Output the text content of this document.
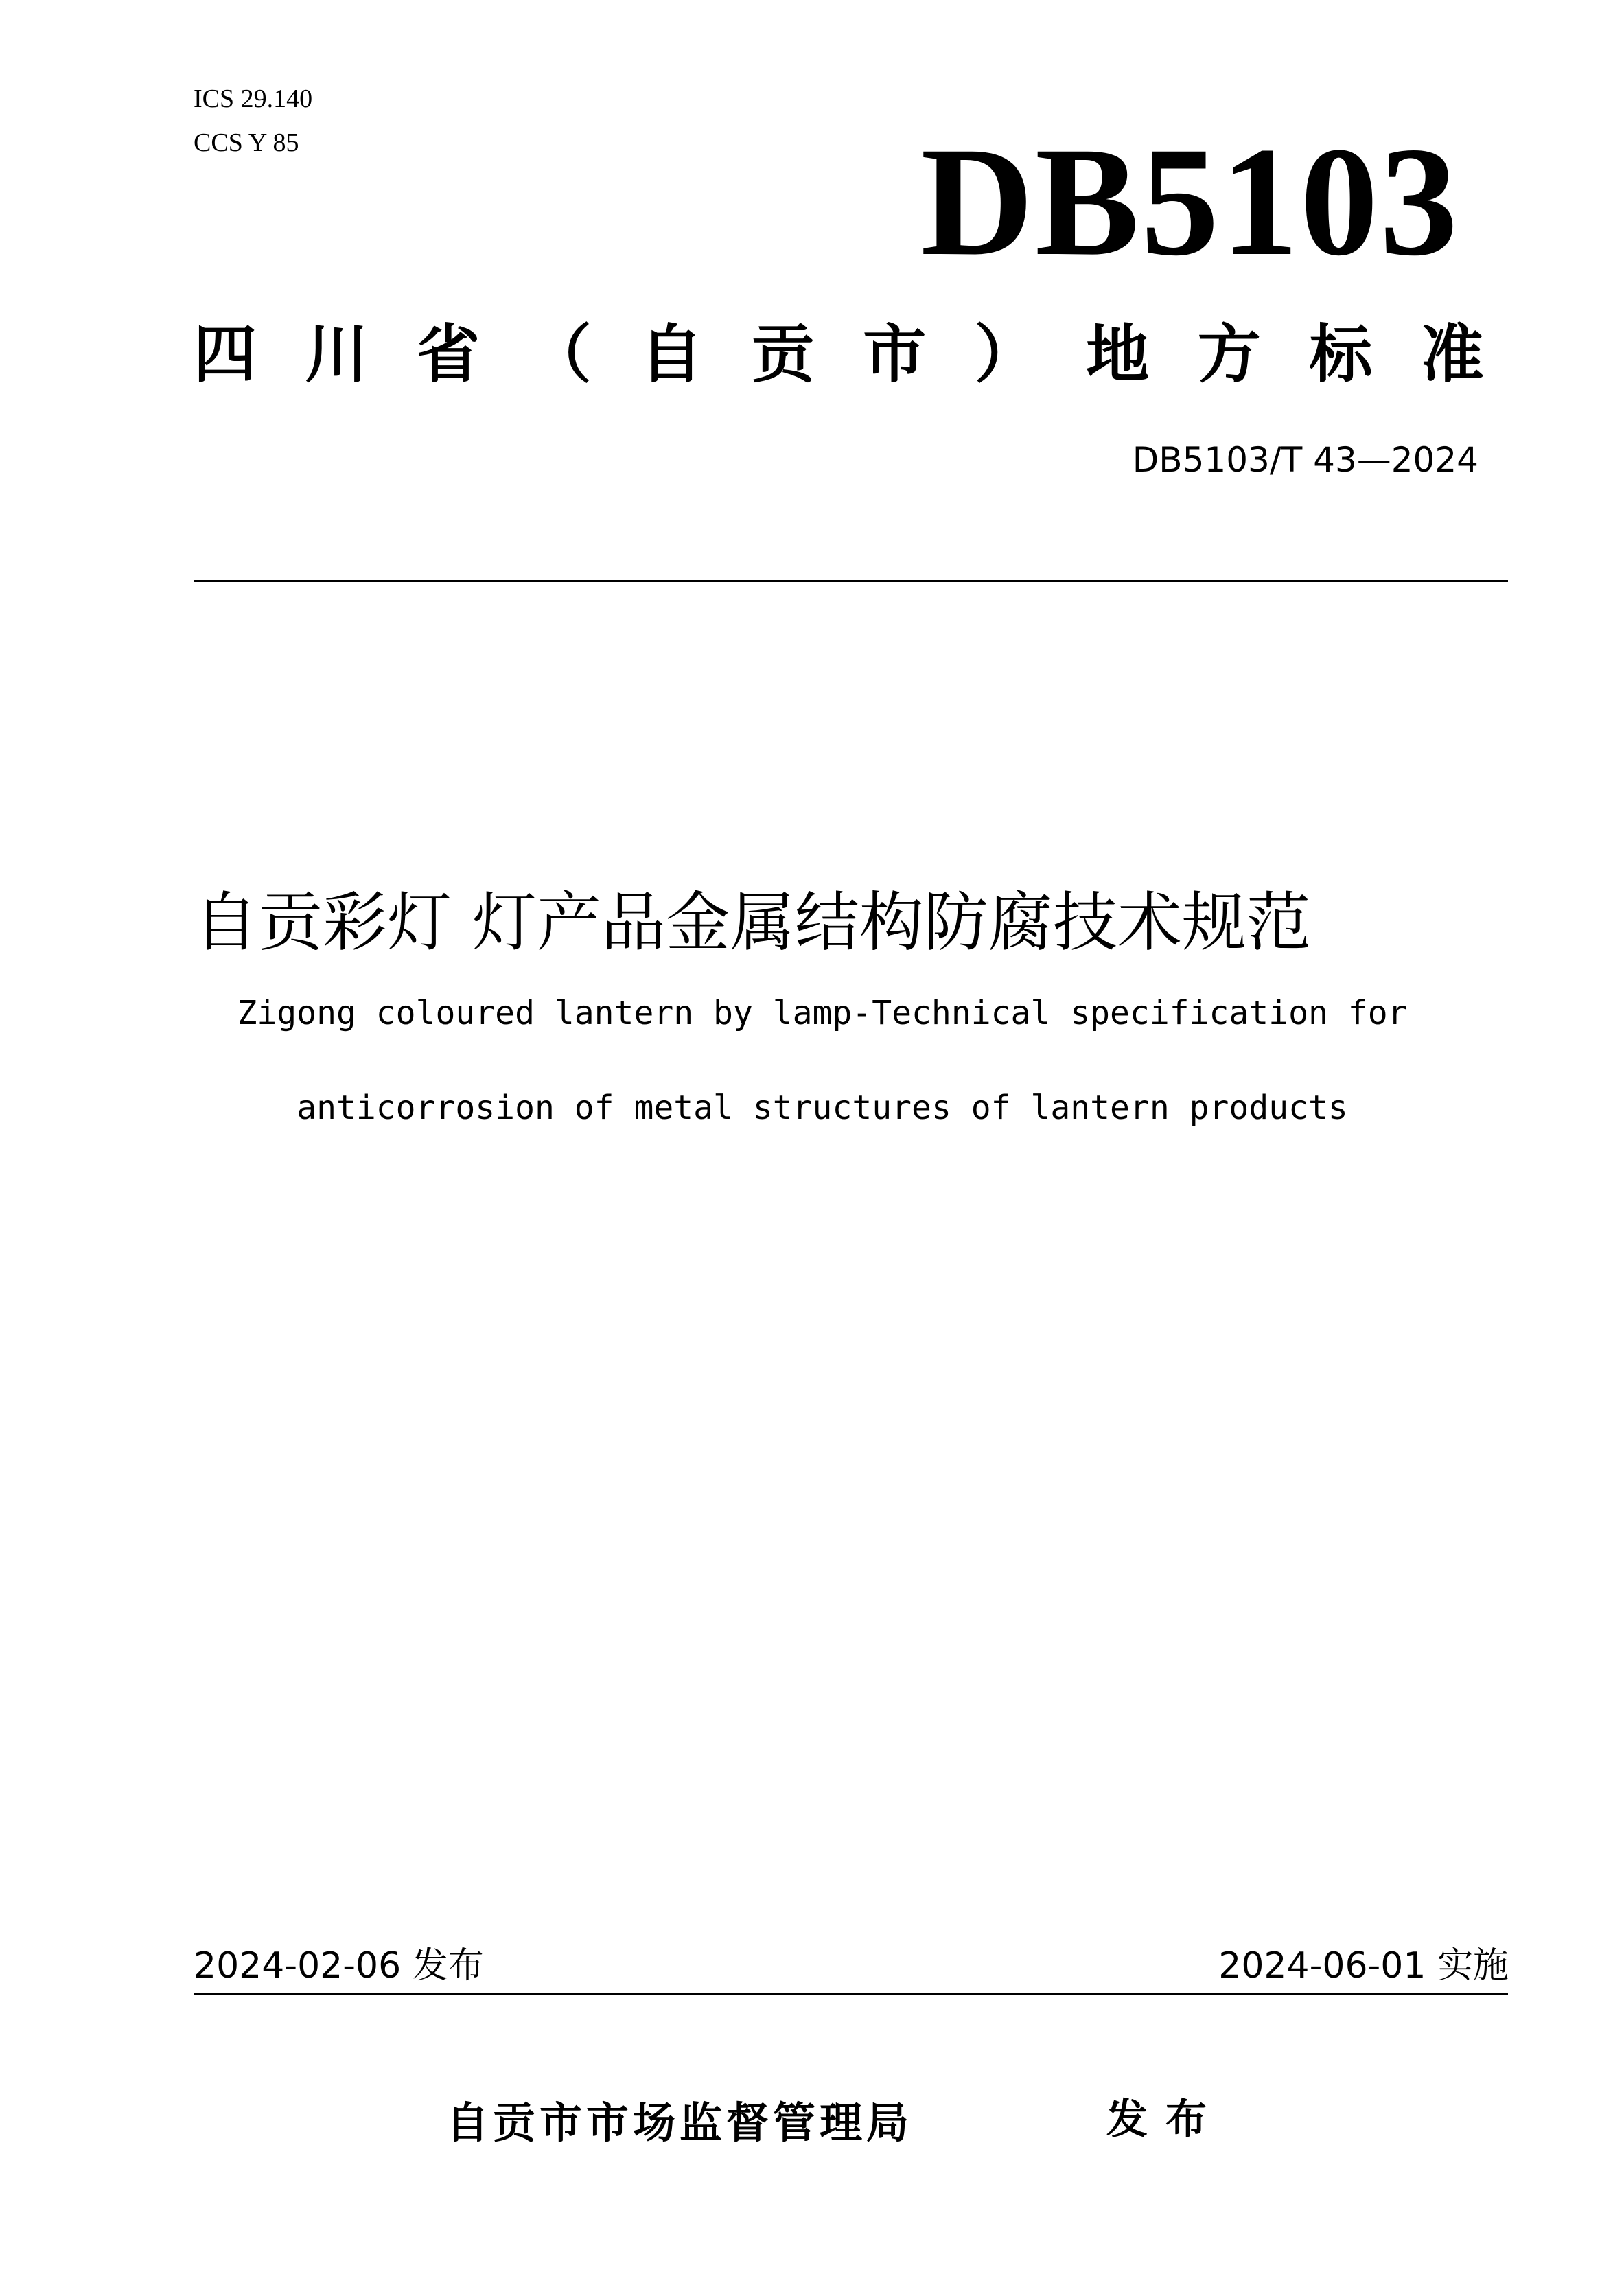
ICS 29.140
CCS Y 85	DB5103
四 川 省 （ 自 贡 市 ） 地 方 标 准
DB5103/T 43—2024
自贡彩灯 灯产品金属结构防腐技术规范
Zigong coloured lantern by lamp-Technical specification for
anticorrosion of metal structures of lantern products
2024-02-06 发布	2024-06-01 实施
自贡市市场监督管理局	发布
